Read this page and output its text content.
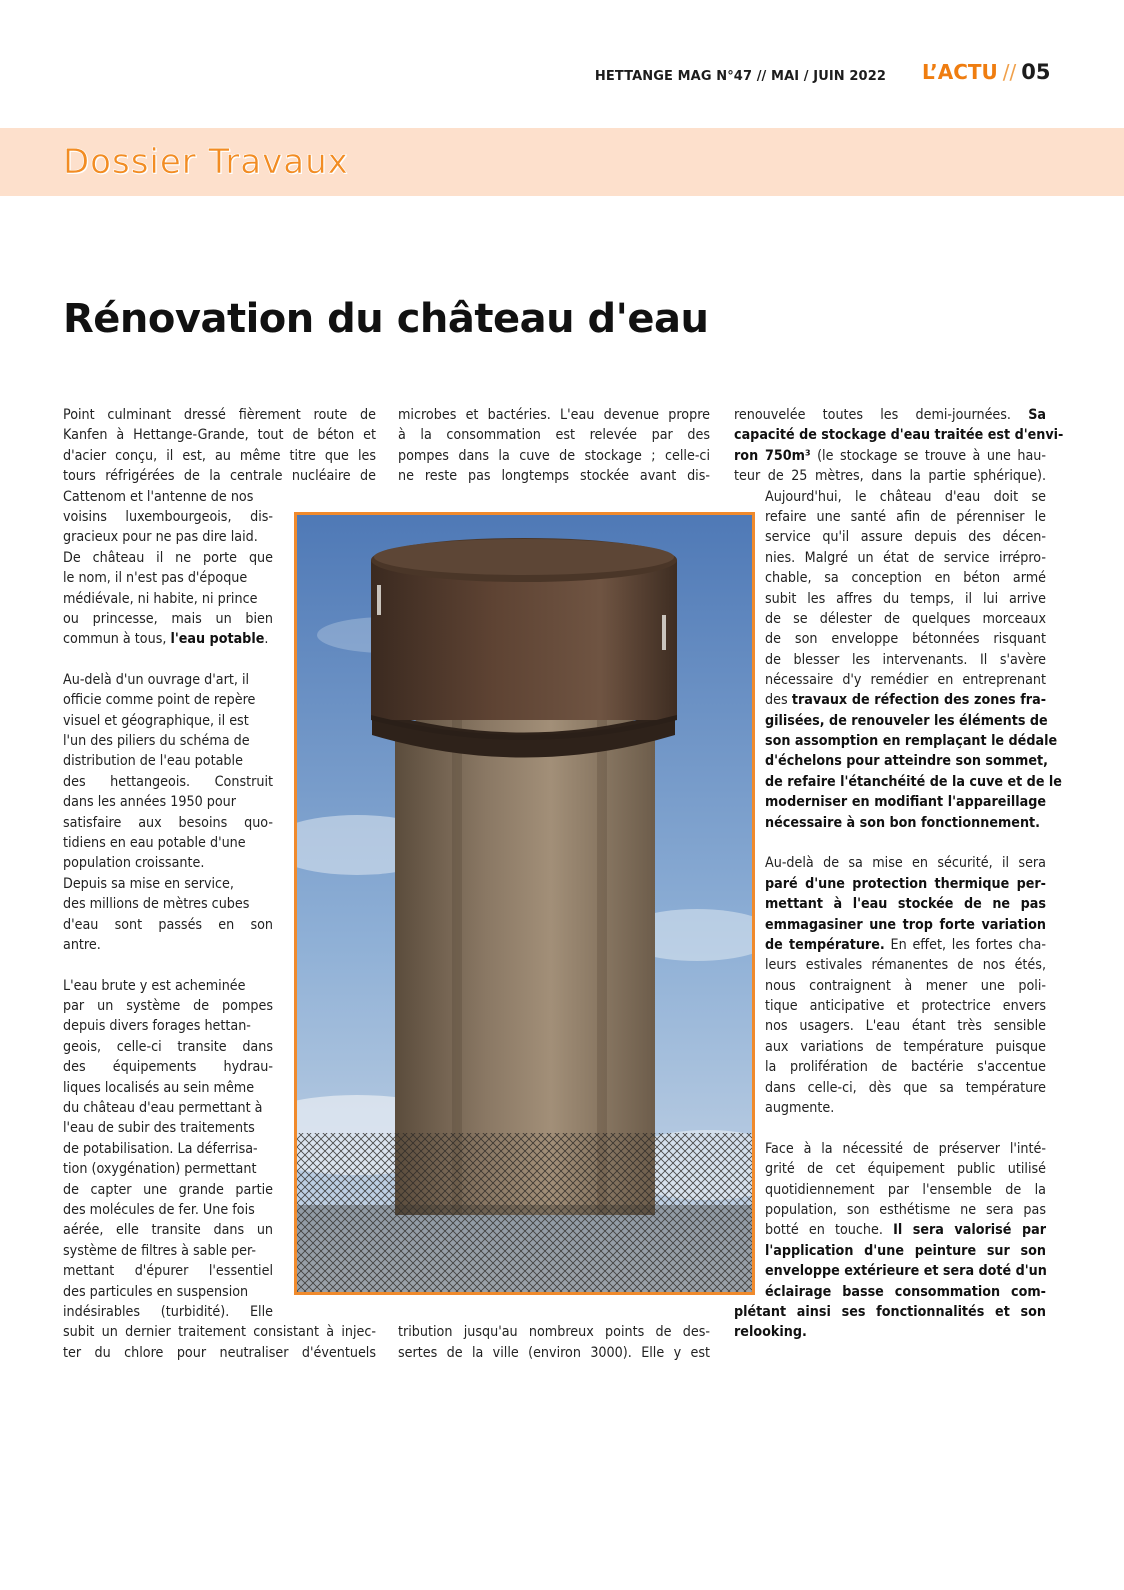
HETTANGE MAG N°47 // MAI / JUIN 2022 L’ACTU // 05
Dossier Travaux
Rénovation du château d'eau
Point culminant dressé fièrement route de
Kanfen à Hettange-Grande, tout de béton et
d'acier conçu, il est, au même titre que les
tours réfrigérées de la centrale nucléaire de
Cattenom et l'antenne de nos
voisins luxembourgeois, dis-
gracieux pour ne pas dire laid.
De château il ne porte que
le nom, il n'est pas d'époque
médiévale, ni habite, ni prince
ou princesse, mais un bien
commun à tous, l'eau potable.
Au-delà d'un ouvrage d'art, il
officie comme point de repère
visuel et géographique, il est
l'un des piliers du schéma de
distribution de l'eau potable
des hettangeois. Construit
dans les années 1950 pour
satisfaire aux besoins quo-
tidiens en eau potable d'une
population croissante.
Depuis sa mise en service,
des millions de mètres cubes
d'eau sont passés en son
antre.
L'eau brute y est acheminée
par un système de pompes
depuis divers forages hettan-
geois, celle-ci transite dans
des équipements hydrau-
liques localisés au sein même
du château d'eau permettant à
l'eau de subir des traitements
de potabilisation. La déferrisa-
tion (oxygénation) permettant
de capter une grande partie
des molécules de fer. Une fois
aérée, elle transite dans un
système de filtres à sable per-
mettant d'épurer l'essentiel
des particules en suspension
indésirables (turbidité). Elle
subit un dernier traitement consistant à injec-
ter du chlore pour neutraliser d'éventuels
microbes et bactéries. L'eau devenue propre
à la consommation est relevée par des
pompes dans la cuve de stockage ; celle-ci
ne reste pas longtemps stockée avant dis-
tribution jusqu'au nombreux points de des-
sertes de la ville (environ 3000). Elle y est
renouvelée toutes les demi-journées. Sa
capacité de stockage d'eau traitée est d'envi-
ron 750m³ (le stockage se trouve à une hau-
teur de 25 mètres, dans la partie sphérique).
Aujourd'hui, le château d'eau doit se
refaire une santé afin de pérenniser le
service qu'il assure depuis des décen-
nies. Malgré un état de service irrépro-
chable, sa conception en béton armé
subit les affres du temps, il lui arrive
de se délester de quelques morceaux
de son enveloppe bétonnées risquant
de blesser les intervenants. Il s'avère
nécessaire d'y remédier en entreprenant
des travaux de réfection des zones fra-
gilisées, de renouveler les éléments de
son assomption en remplaçant le dédale
d'échelons pour atteindre son sommet,
de refaire l'étanchéité de la cuve et de le
moderniser en modifiant l'appareillage
nécessaire à son bon fonctionnement.
Au-delà de sa mise en sécurité, il sera
paré d'une protection thermique per-
mettant à l'eau stockée de ne pas
emmagasiner une trop forte variation
de température. En effet, les fortes cha-
leurs estivales rémanentes de nos étés,
nous contraignent à mener une poli-
tique anticipative et protectrice envers
nos usagers. L'eau étant très sensible
aux variations de température puisque
la prolifération de bactérie s'accentue
dans celle-ci, dès que sa température
augmente.
Face à la nécessité de préserver l'inté-
grité de cet équipement public utilisé
quotidiennement par l'ensemble de la
population, son esthétisme ne sera pas
botté en touche. Il sera valorisé par
l'application d'une peinture sur son
enveloppe extérieure et sera doté d'un
éclairage basse consommation com-
plétant ainsi ses fonctionnalités et son
relooking.
